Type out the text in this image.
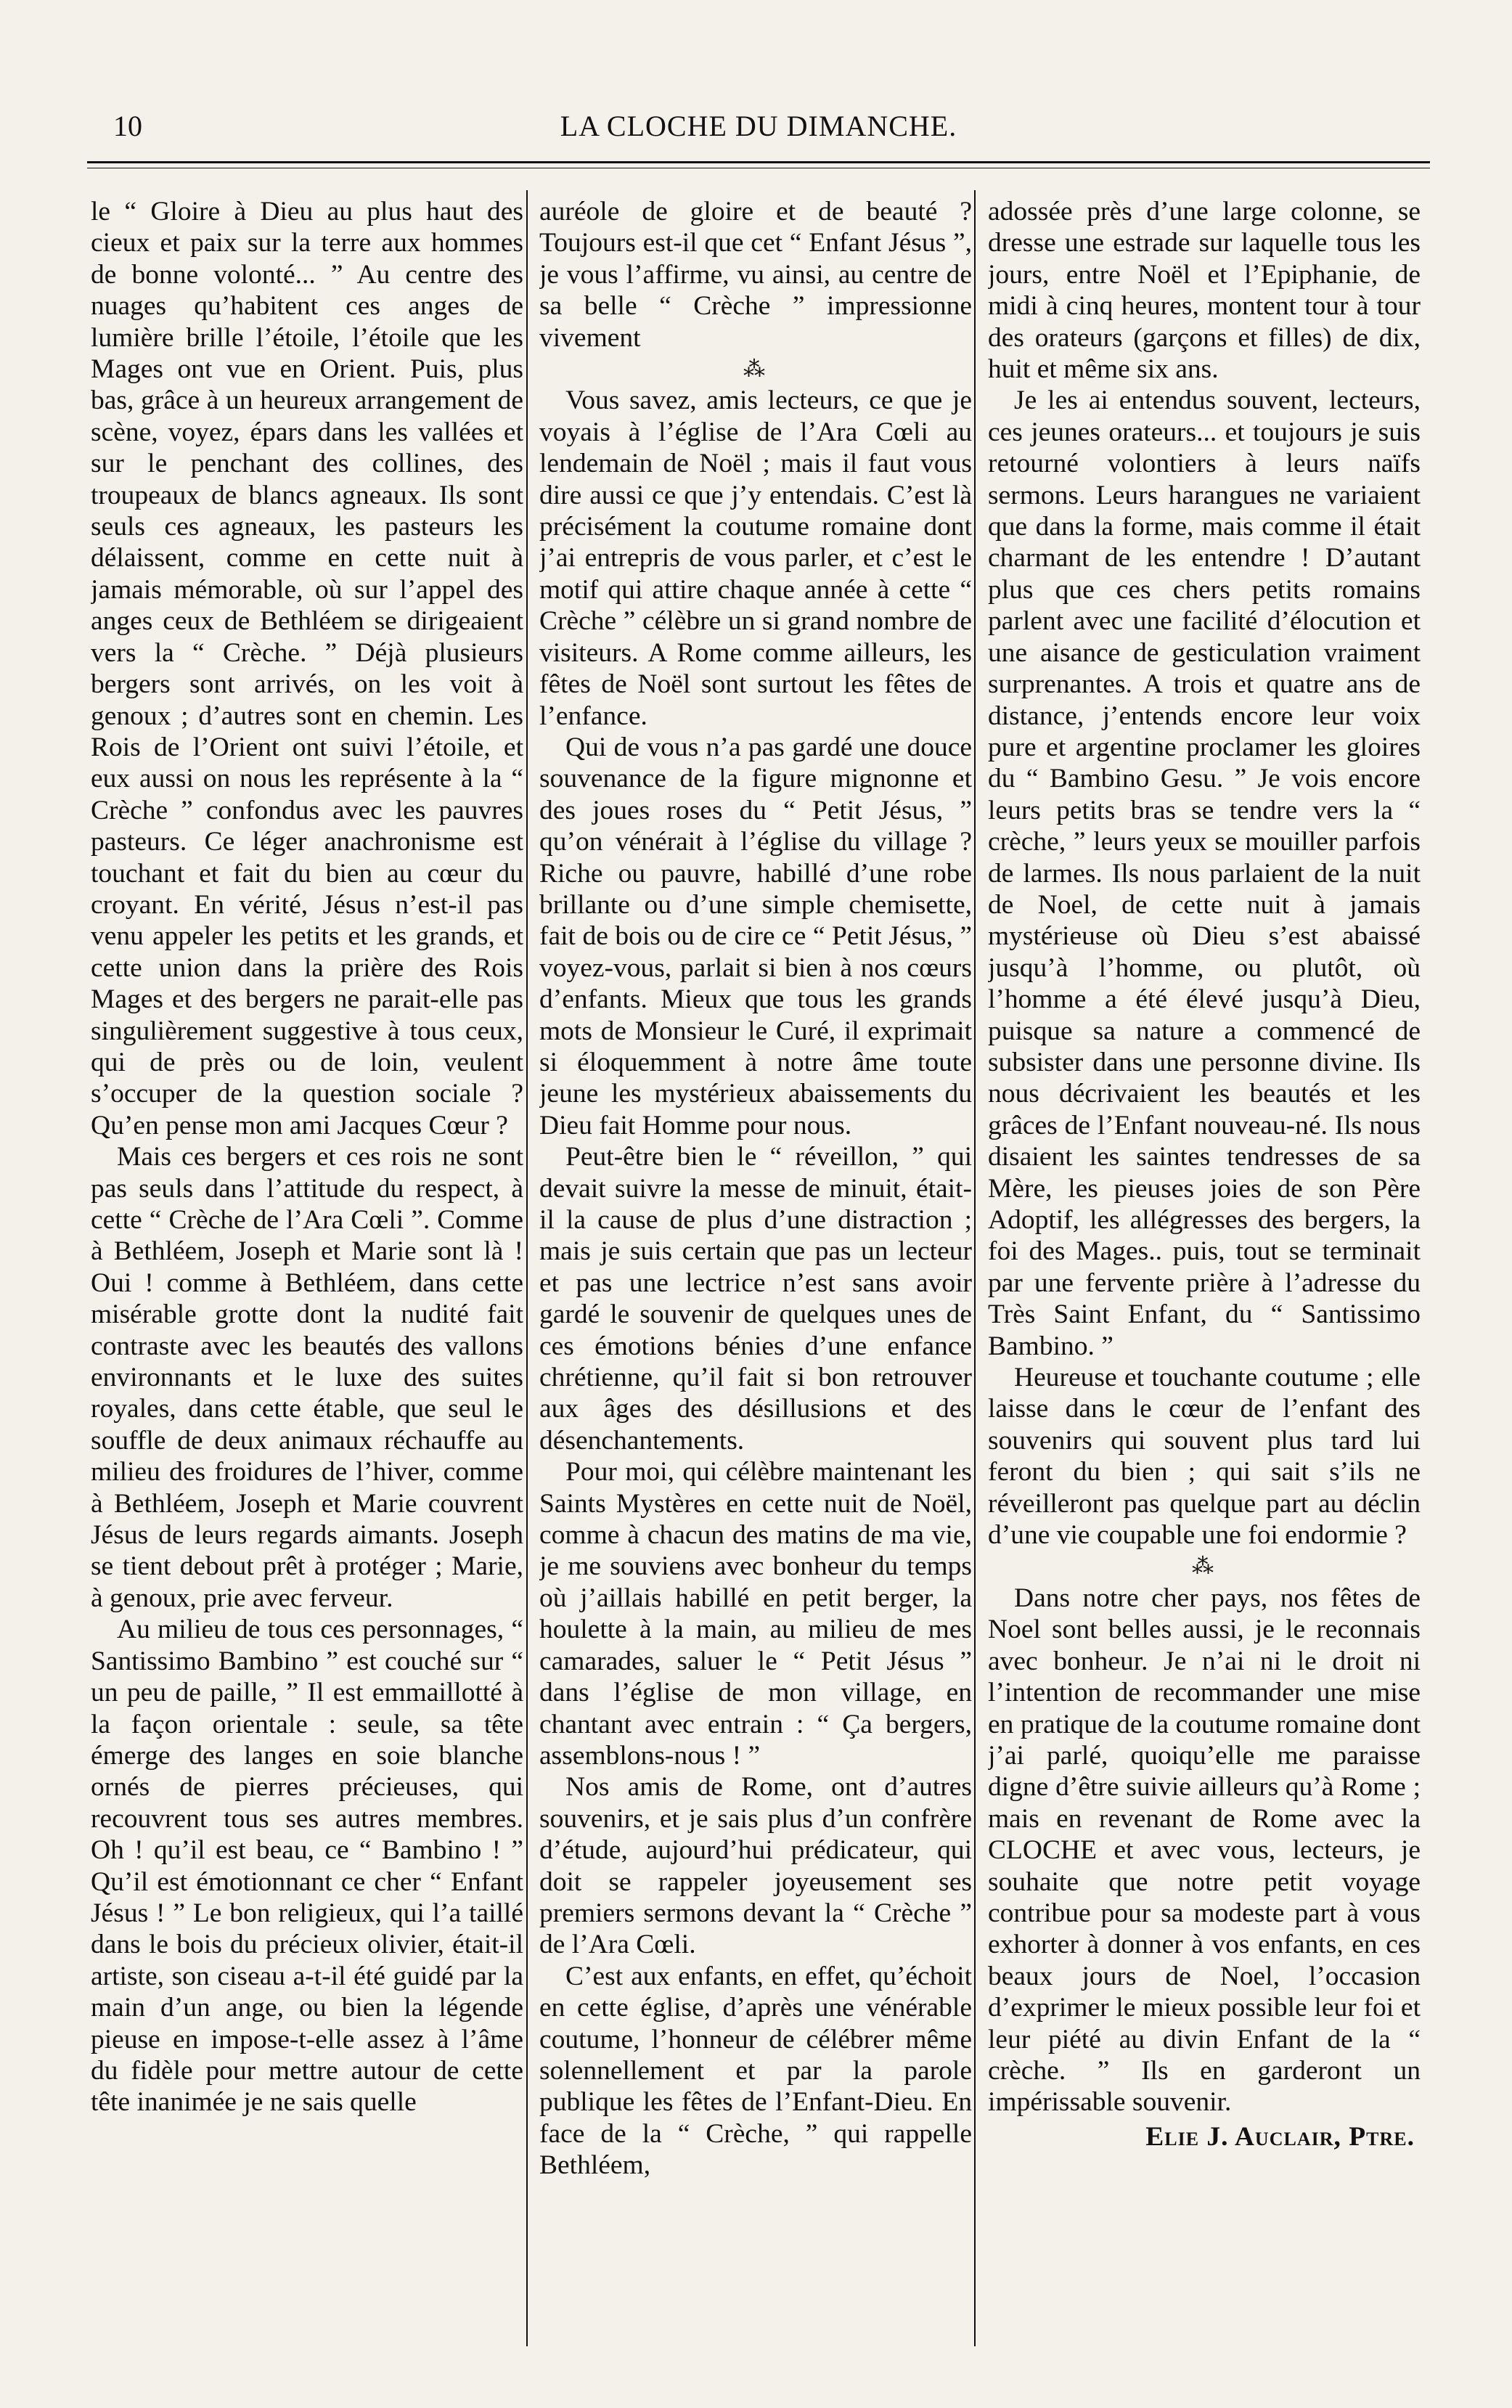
10	LA CLOCHE DU DIMANCHE.

le “ Gloire à Dieu au plus haut des cieux et paix sur la terre aux hommes de bonne volonté... ” Au centre des nuages qu’habitent ces anges de lumière brille l’étoile, l’étoile que les Mages ont vue en Orient. Puis, plus bas, grâce à un heureux arrangement de scène, voyez, épars dans les vallées et sur le penchant des collines, des troupeaux de blancs agneaux. Ils sont seuls ces agneaux, les pasteurs les délaissent, comme en cette nuit à jamais mémorable, où sur l’appel des anges ceux de Bethléem se dirigeaient vers la “ Crèche. ” Déjà plusieurs bergers sont arrivés, on les voit à genoux ; d’autres sont en chemin. Les Rois de l’Orient ont suivi l’étoile, et eux aussi on nous les représente à la “ Crèche ” confondus avec les pauvres pasteurs. Ce léger anachronisme est touchant et fait du bien au cœur du croyant. En vérité, Jésus n’est-il pas venu appeler les petits et les grands, et cette union dans la prière des Rois Mages et des bergers ne parait-elle pas singulièrement suggestive à tous ceux, qui de près ou de loin, veulent s’occuper de la question sociale ? Qu’en pense mon ami Jacques Cœur ?

Mais ces bergers et ces rois ne sont pas seuls dans l’attitude du respect, à cette “ Crèche de l’Ara Cœli ”. Comme à Bethléem, Joseph et Marie sont là ! Oui ! comme à Bethléem, dans cette misérable grotte dont la nudité fait contraste avec les beautés des vallons environnants et le luxe des suites royales, dans cette étable, que seul le souffle de deux animaux réchauffe au milieu des froidures de l’hiver, comme à Bethléem, Joseph et Marie couvrent Jésus de leurs regards aimants. Joseph se tient debout prêt à protéger ; Marie, à genoux, prie avec ferveur.

Au milieu de tous ces personnages, “ Santissimo Bambino ” est couché sur “ un peu de paille, ” Il est emmaillotté à la façon orientale : seule, sa tête émerge des langes en soie blanche ornés de pierres précieuses, qui recouvrent tous ses autres membres. Oh ! qu’il est beau, ce “ Bambino ! ” Qu’il est émotionnant ce cher “ Enfant Jésus ! ” Le bon religieux, qui l’a taillé dans le bois du précieux olivier, était-il artiste, son ciseau a-t-il été guidé par la main d’un ange, ou bien la légende pieuse en impose-t-elle assez à l’âme du fidèle pour mettre autour de cette tête inanimée je ne sais quelle

auréole de gloire et de beauté ? Toujours est-il que cet “ Enfant Jésus ”, je vous l’affirme, vu ainsi, au centre de sa belle “ Crèche ” impressionne vivement

⁂

Vous savez, amis lecteurs, ce que je voyais à l’église de l’Ara Cœli au lendemain de Noël ; mais il faut vous dire aussi ce que j’y entendais. C’est là précisément la coutume romaine dont j’ai entrepris de vous parler, et c’est le motif qui attire chaque année à cette “ Crèche ” célèbre un si grand nombre de visiteurs. A Rome comme ailleurs, les fêtes de Noël sont surtout les fêtes de l’enfance.

Qui de vous n’a pas gardé une douce souvenance de la figure mignonne et des joues roses du “ Petit Jésus, ” qu’on vénérait à l’église du village ? Riche ou pauvre, habillé d’une robe brillante ou d’une simple chemisette, fait de bois ou de cire ce “ Petit Jésus, ” voyez-vous, parlait si bien à nos cœurs d’enfants. Mieux que tous les grands mots de Monsieur le Curé, il exprimait si éloquemment à notre âme toute jeune les mystérieux abaissements du Dieu fait Homme pour nous.

Peut-être bien le “ réveillon, ” qui devait suivre la messe de minuit, était-il la cause de plus d’une distraction ; mais je suis certain que pas un lecteur et pas une lectrice n’est sans avoir gardé le souvenir de quelques unes de ces émotions bénies d’une enfance chrétienne, qu’il fait si bon retrouver aux âges des désillusions et des désenchantements.

Pour moi, qui célèbre maintenant les Saints Mystères en cette nuit de Noël, comme à chacun des matins de ma vie, je me souviens avec bonheur du temps où j’aillais habillé en petit berger, la houlette à la main, au milieu de mes camarades, saluer le “ Petit Jésus ” dans l’église de mon village, en chantant avec entrain : “ Ça bergers, assemblons-nous ! ”

Nos amis de Rome, ont d’autres souvenirs, et je sais plus d’un confrère d’étude, aujourd’hui prédicateur, qui doit se rappeler joyeusement ses premiers sermons devant la “ Crèche ” de l’Ara Cœli.

C’est aux enfants, en effet, qu’échoit en cette église, d’après une vénérable coutume, l’honneur de célébrer même solennellement et par la parole publique les fêtes de l’Enfant-Dieu. En face de la “ Crèche, ” qui rappelle Bethléem,

adossée près d’une large colonne, se dresse une estrade sur laquelle tous les jours, entre Noël et l’Epiphanie, de midi à cinq heures, montent tour à tour des orateurs (garçons et filles) de dix, huit et même six ans.

Je les ai entendus souvent, lecteurs, ces jeunes orateurs... et toujours je suis retourné volontiers à leurs naïfs sermons. Leurs harangues ne variaient que dans la forme, mais comme il était charmant de les entendre ! D’autant plus que ces chers petits romains parlent avec une facilité d’élocution et une aisance de gesticulation vraiment surprenantes. A trois et quatre ans de distance, j’entends encore leur voix pure et argentine proclamer les gloires du “ Bambino Gesu. ” Je vois encore leurs petits bras se tendre vers la “ crèche, ” leurs yeux se mouiller parfois de larmes. Ils nous parlaient de la nuit de Noel, de cette nuit à jamais mystérieuse où Dieu s’est abaissé jusqu’à l’homme, ou plutôt, où l’homme a été élevé jusqu’à Dieu, puisque sa nature a commencé de subsister dans une personne divine. Ils nous décrivaient les beautés et les grâces de l’Enfant nouveau-né. Ils nous disaient les saintes tendresses de sa Mère, les pieuses joies de son Père Adoptif, les allégresses des bergers, la foi des Mages.. puis, tout se terminait par une fervente prière à l’adresse du Très Saint Enfant, du “ Santissimo Bambino. ”

Heureuse et touchante coutume ; elle laisse dans le cœur de l’enfant des souvenirs qui souvent plus tard lui feront du bien ; qui sait s’ils ne réveilleront pas quelque part au déclin d’une vie coupable une foi endormie ?

⁂

Dans notre cher pays, nos fêtes de Noel sont belles aussi, je le reconnais avec bonheur. Je n’ai ni le droit ni l’intention de recommander une mise en pratique de la coutume romaine dont j’ai parlé, quoiqu’elle me paraisse digne d’être suivie ailleurs qu’à Rome ; mais en revenant de Rome avec la CLOCHE et avec vous, lecteurs, je souhaite que notre petit voyage contribue pour sa modeste part à vous exhorter à donner à vos enfants, en ces beaux jours de Noel, l’occasion d’exprimer le mieux possible leur foi et leur piété au divin Enfant de la “ crèche. ” Ils en garderont un impérissable souvenir.

Elie J. Auclair, Ptre.
